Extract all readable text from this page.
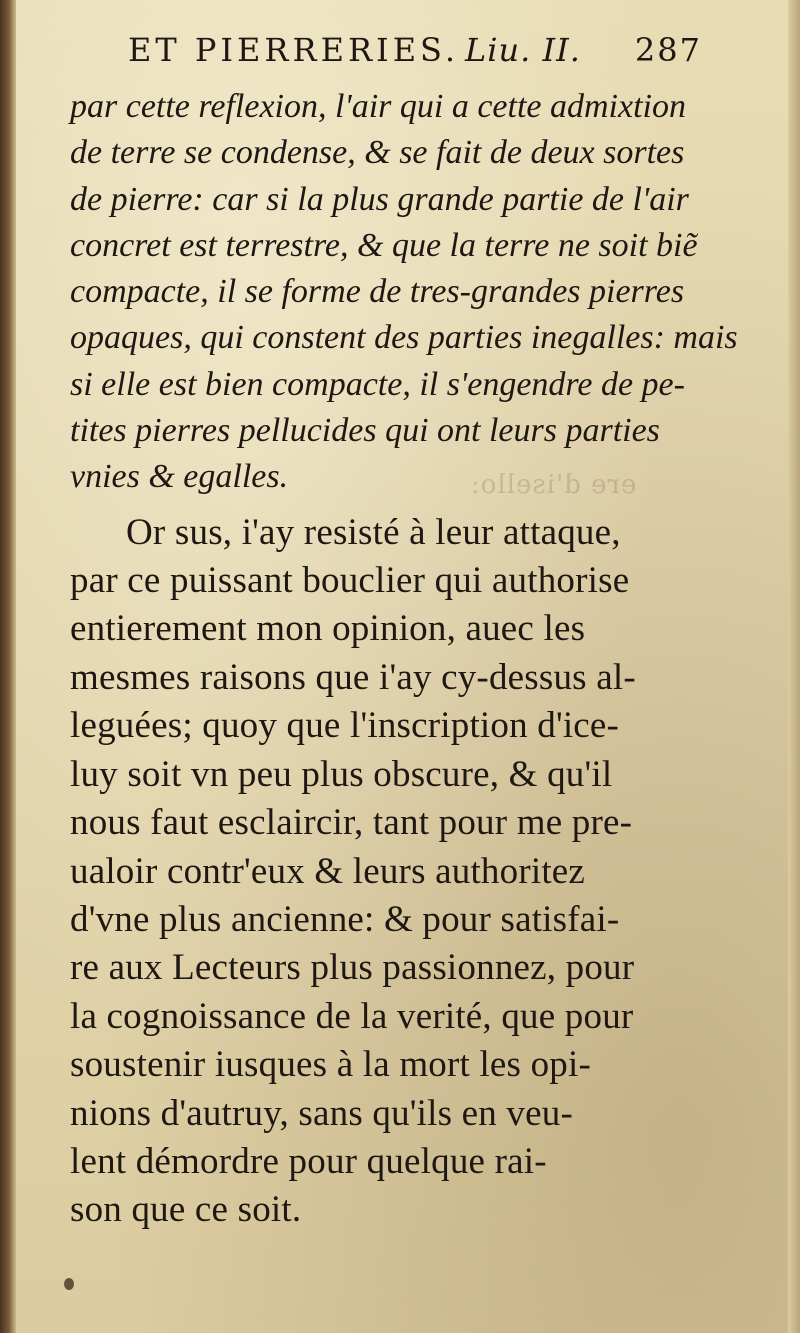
ere d'isello:
ET PIERRERIES. Liu. II. 287
par cette reflexion, l'air qui a cette admixtion
de terre se condense, & se fait de deux sortes
de pierre: car si la plus grande partie de l'air
concret est terrestre, & que la terre ne soit biẽ
compacte, il se forme de tres-grandes pierres
opaques, qui constent des parties inegalles: mais
si elle est bien compacte, il s'engendre de pe-
tites pierres pellucides qui ont leurs parties
vnies & egalles.
Or sus, i'ay resisté à leur attaque,
par ce puissant bouclier qui authorise
entierement mon opinion, auec les
mesmes raisons que i'ay cy-dessus al-
leguées; quoy que l'inscription d'ice-
luy soit vn peu plus obscure, & qu'il
nous faut esclaircir, tant pour me pre-
ualoir contr'eux & leurs authoritez
d'vne plus ancienne: & pour satisfai-
re aux Lecteurs plus passionnez, pour
la cognoissance de la verité, que pour
soustenir iusques à la mort les opi-
nions d'autruy, sans qu'ils en veu-
lent démordre pour quelque rai-
son que ce soit.
